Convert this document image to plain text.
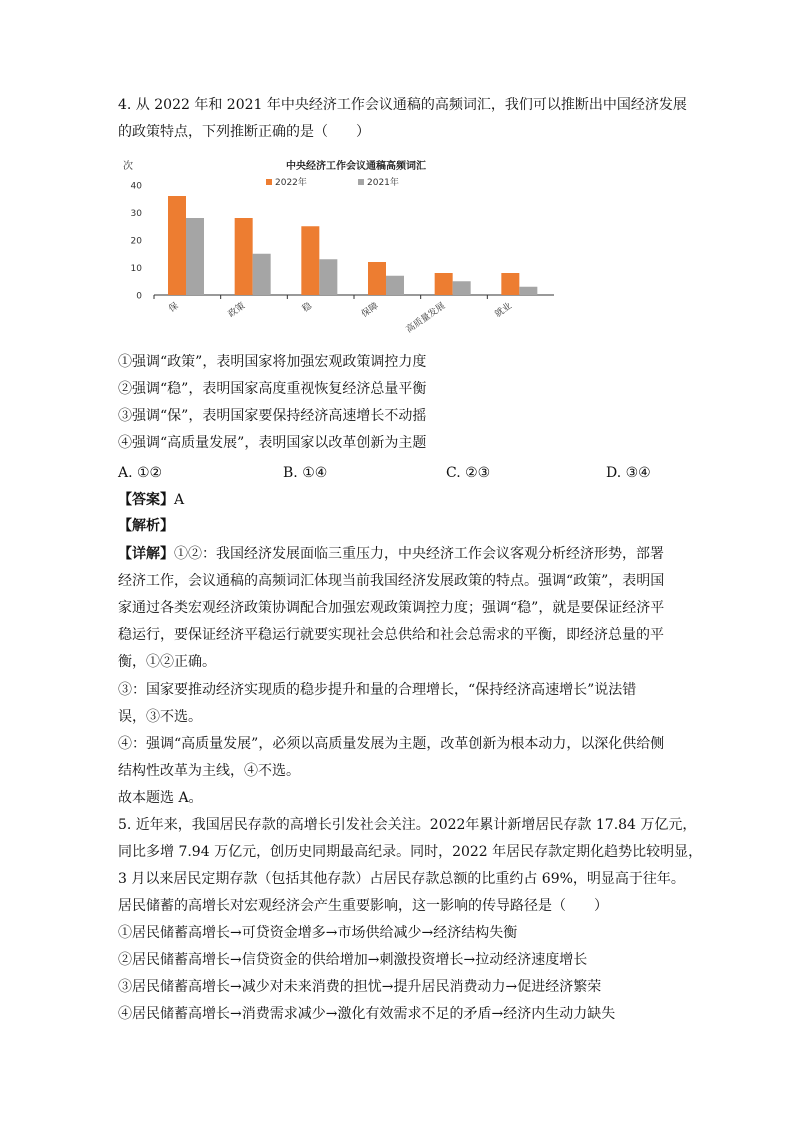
4. 从 2022 年和 2021 年中央经济工作会议通稿的高频词汇，我们可以推断出中国经济发展
的政策特点，下列推断正确的是（　　）
中央经济工作会议通稿高频词汇
次
2022年	2021年
0
10
20
30
40
保	政策	稳	保障	高质量发展	就业
①强调“政策”，表明国家将加强宏观政策调控力度
②强调“稳”，表明国家高度重视恢复经济总量平衡
③强调“保”，表明国家要保持经济高速增长不动摇
④强调“高质量发展”，表明国家以改革创新为主题
A. ①②	B. ①④	C. ②③	D. ③④
【答案】A
【解析】
【详解】①②：我国经济发展面临三重压力，中央经济工作会议客观分析经济形势，部署
经济工作，会议通稿的高频词汇体现当前我国经济发展政策的特点。强调“政策”，表明国
家通过各类宏观经济政策协调配合加强宏观政策调控力度；强调“稳”，就是要保证经济平
稳运行，要保证经济平稳运行就要实现社会总供给和社会总需求的平衡，即经济总量的平
衡，①②正确。
③：国家要推动经济实现质的稳步提升和量的合理增长，“保持经济高速增长”说法错
误，③不选。
④：强调“高质量发展”，必须以高质量发展为主题，改革创新为根本动力，以深化供给侧
结构性改革为主线，④不选。
故本题选 A。
5. 近年来，我国居民存款的高增长引发社会关注。2022年累计新增居民存款 17.84 万亿元，
同比多增 7.94 万亿元，创历史同期最高纪录。同时，2022 年居民存款定期化趋势比较明显，
3 月以来居民定期存款（包括其他存款）占居民存款总额的比重约占 69%，明显高于往年。
居民储蓄的高增长对宏观经济会产生重要影响，这一影响的传导路径是（　　）
①居民储蓄高增长→可贷资金增多→市场供给减少→经济结构失衡
②居民储蓄高增长→信贷资金的供给增加→刺激投资增长→拉动经济速度增长
③居民储蓄高增长→减少对未来消费的担忧→提升居民消费动力→促进经济繁荣
④居民储蓄高增长→消费需求减少→激化有效需求不足的矛盾→经济内生动力缺失
